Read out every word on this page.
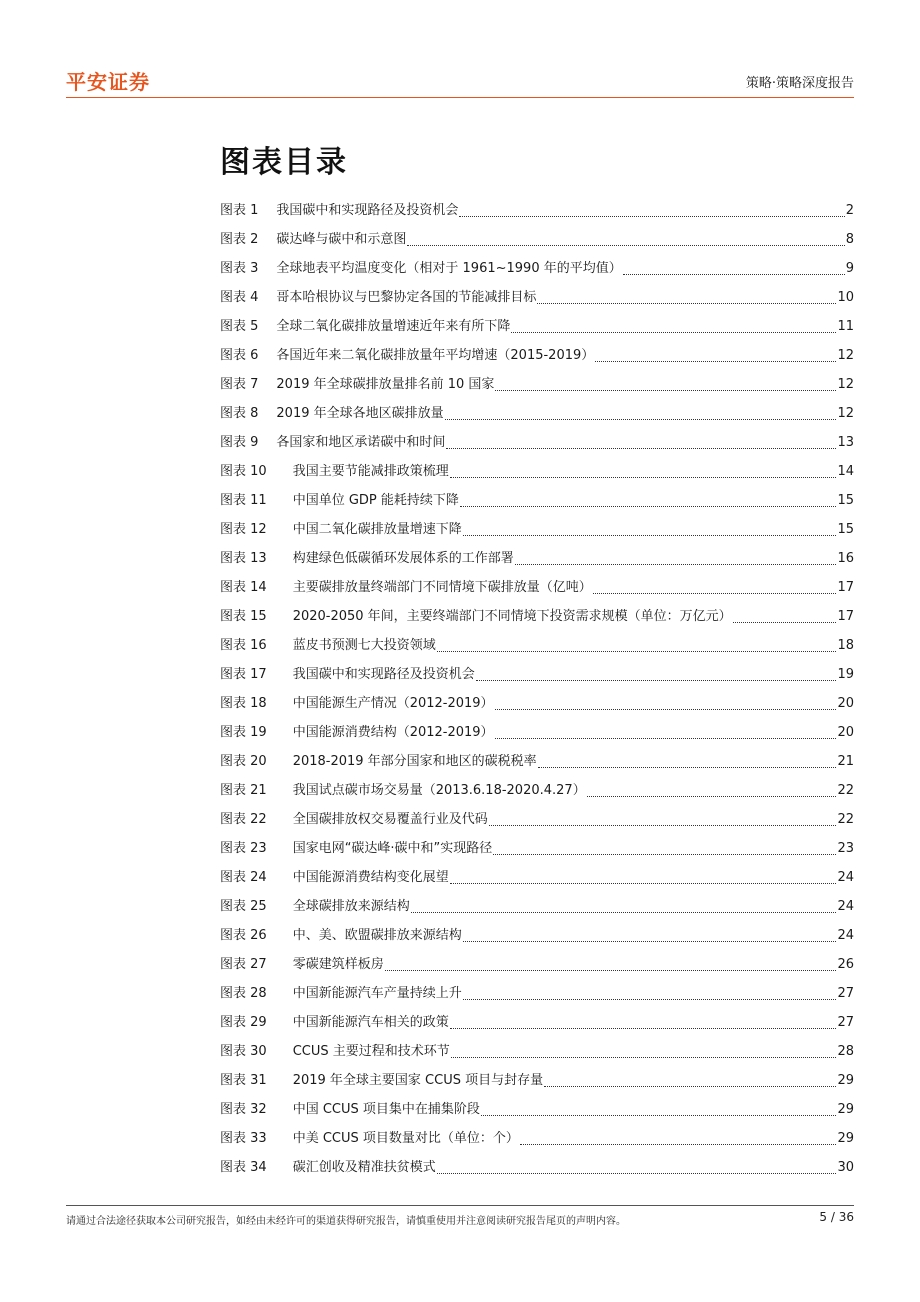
平安证券	策略·策略深度报告
图表目录
图表 1 我国碳中和实现路径及投资机会	2
图表 2 碳达峰与碳中和示意图	8
图表 3 全球地表平均温度变化（相对于 1961~1990 年的平均值）	9
图表 4 哥本哈根协议与巴黎协定各国的节能减排目标	10
图表 5 全球二氧化碳排放量增速近年来有所下降	11
图表 6 各国近年来二氧化碳排放量年平均增速（2015-2019）	12
图表 7 2019 年全球碳排放量排名前 10 国家	12
图表 8 2019 年全球各地区碳排放量	12
图表 9 各国家和地区承诺碳中和时间	13
图表 10 我国主要节能减排政策梳理	14
图表 11 中国单位 GDP 能耗持续下降	15
图表 12 中国二氧化碳排放量增速下降	15
图表 13 构建绿色低碳循环发展体系的工作部署	16
图表 14 主要碳排放量终端部门不同情境下碳排放量（亿吨）	17
图表 15 2020-2050 年间，主要终端部门不同情境下投资需求规模（单位：万亿元）	17
图表 16 蓝皮书预测七大投资领域	18
图表 17 我国碳中和实现路径及投资机会	19
图表 18 中国能源生产情况（2012-2019）	20
图表 19 中国能源消费结构（2012-2019）	20
图表 20 2018-2019 年部分国家和地区的碳税税率	21
图表 21 我国试点碳市场交易量（2013.6.18-2020.4.27）	22
图表 22 全国碳排放权交易覆盖行业及代码	22
图表 23 国家电网“碳达峰·碳中和”实现路径	23
图表 24 中国能源消费结构变化展望	24
图表 25 全球碳排放来源结构	24
图表 26 中、美、欧盟碳排放来源结构	24
图表 27 零碳建筑样板房	26
图表 28 中国新能源汽车产量持续上升	27
图表 29 中国新能源汽车相关的政策	27
图表 30 CCUS 主要过程和技术环节	28
图表 31 2019 年全球主要国家 CCUS 项目与封存量	29
图表 32 中国 CCUS 项目集中在捕集阶段	29
图表 33 中美 CCUS 项目数量对比（单位：个）	29
图表 34 碳汇创收及精准扶贫模式	30
请通过合法途径获取本公司研究报告，如经由未经许可的渠道获得研究报告，请慎重使用并注意阅读研究报告尾页的声明内容。	5 / 36
